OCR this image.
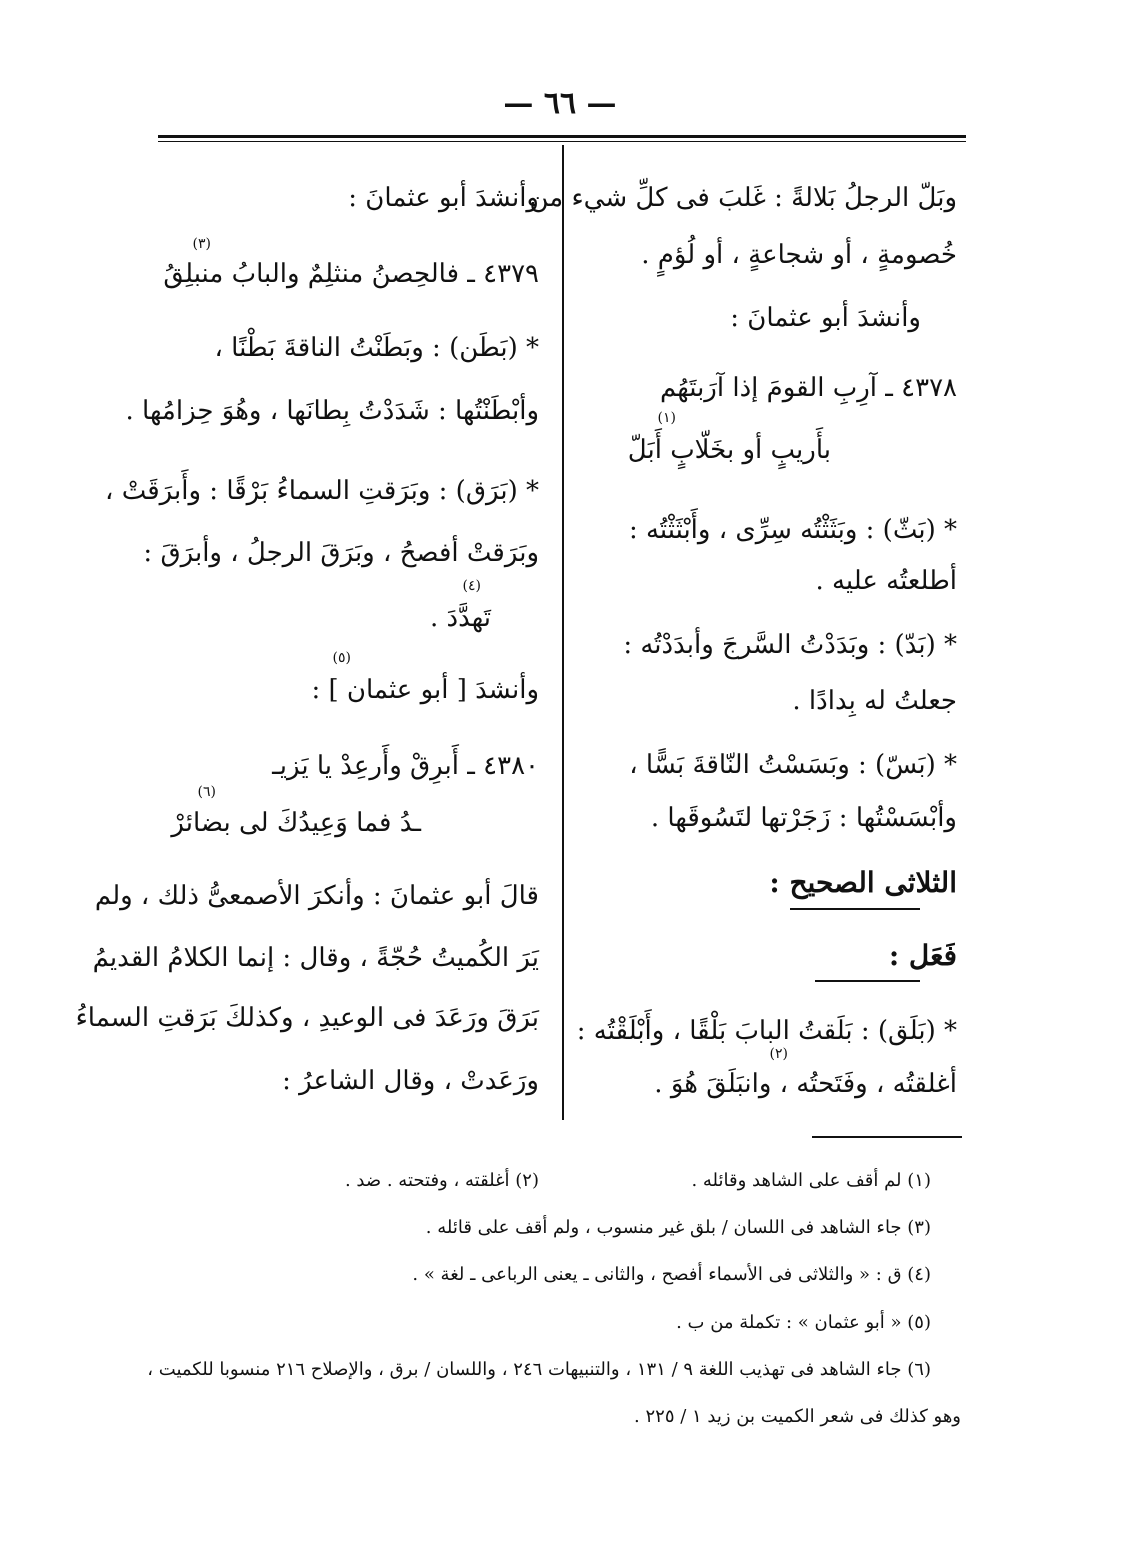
— ٦٦ —
وبَلّ الرجلُ بَلالةً : غَلبَ فى كلِّ شيء من
خُصومةٍ ، أو شجاعةٍ ، أو لُؤمٍ .
وأنشدَ أبو عثمانَ :
٤٣٧٨ ـ آرِبِ القومَ إذا آرَبتَهُم
بأَريبٍ أو بخَلّابٍ أَبَلّ
(١)
* (بَثّ) : وبَثَثْتُه سِرِّى ، وأَبْثَثْتُه :
أطلعتُه عليه .
* (بَدّ) : وبَدَدْتُ السَّرجَ وأبدَدْتُه :
جعلتُ له بِدادًا .
* (بَسّ) : وبَسَسْتُ النّاقةَ بَسًّا ،
وأبْسَسْتُها : زَجَرْتها لتَسُوقَها .
الثلاثى الصحيح :
فَعَل :
* (بَلَق) : بَلَقتُ البابَ بَلْقًا ، وأَبْلَقْتُه :
أغلقتُه ، وفَتَحتُه ، وانبَلَقَ هُوَ .
(٢)
وأنشدَ أبو عثمانَ :
٤٣٧٩ ـ فالحِصنُ منثلِمٌ والبابُ منبلِقُ
(٣)
* (بَطَن) : وبَطَنْتُ الناقةَ بَطْنًا ،
وأبْطَنْتُها : شَدَدْتُ بِطانَها ، وهُوَ حِزامُها .
* (بَرَق) : وبَرَقتِ السماءُ بَرْقًا : وأَبرَقَتْ ،
وبَرَقتْ أفصحُ ، وبَرَقَ الرجلُ ، وأبرَقَ :
تَهدَّدَ .
(٤)
وأنشدَ [ أبو عثمان ] :
(٥)
٤٣٨٠ ـ أَبرِقْ وأَرعِدْ يا يَزيـ
ـدُ فما وَعِيدُكَ لى بضائرْ
(٦)
قالَ أبو عثمانَ : وأنكرَ الأصمعىُّ ذلك ، ولم
يَرَ الكُميتُ حُجّةً ، وقال : إنما الكلامُ القديمُ
بَرَقَ ورَعَدَ فى الوعيدِ ، وكذلكَ بَرَقتِ السماءُ
ورَعَدتْ ، وقال الشاعرُ :
(١) لم أقف على الشاهد وقائله .
(٢) أغلقته ، وفتحته . ضد .
(٣) جاء الشاهد فى اللسان / بلق غير منسوب ، ولم أقف على قائله .
(٤) ق : « والثلاثى فى الأسماء أفصح ، والثانى ـ يعنى الرباعى ـ لغة » .
(٥) « أبو عثمان » : تكملة من ب .
(٦) جاء الشاهد فى تهذيب اللغة ٩ / ١٣١ ، والتنبيهات ٢٤٦ ، واللسان / برق ، والإصلاح ٢١٦ منسوبا للكميت ،
وهو كذلك فى شعر الكميت بن زيد ١ / ٢٢٥ .
